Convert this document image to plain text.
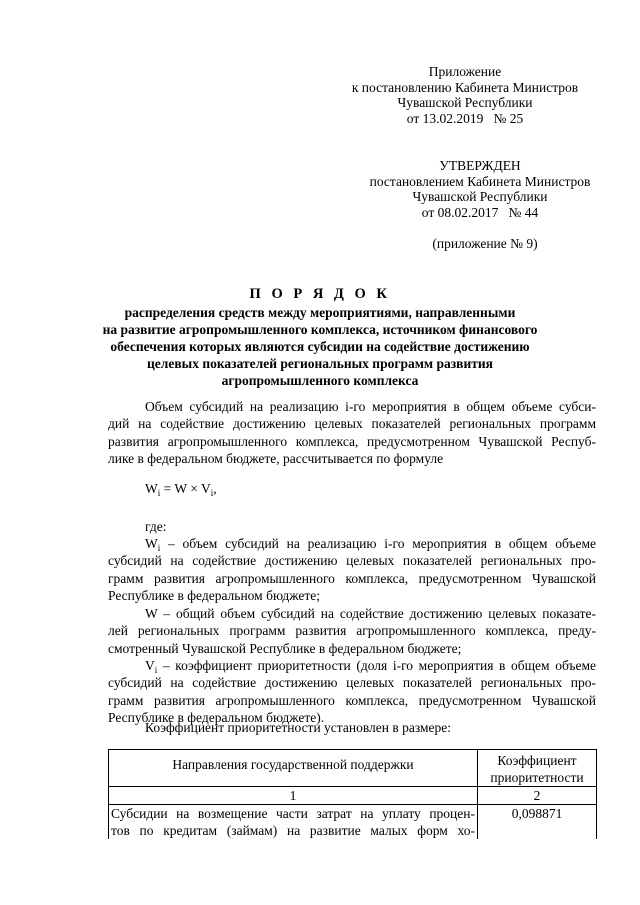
Приложение
к постановлению Кабинета Министров
Чувашской Республики
от 13.02.2019   № 25
УТВЕРЖДЕН
постановлением Кабинета Министров
Чувашской Республики
от 08.02.2017   № 44
(приложение № 9)
П О Р Я Д О К
распределения средств между мероприятиями, направленными
на развитие агропромышленного комплекса, источником финансового
обеспечения которых являются субсидии на содействие достижению
целевых показателей региональных программ развития
агропромышленного комплекса
Объем субсидий на реализацию i-го мероприятия в общем объеме субси-
дий на содействие достижению целевых показателей региональных программ
развития агропромышленного комплекса, предусмотренном Чувашской Респуб-
лике в федеральном бюджете, рассчитывается по формуле
$W_i = W \times V_i$,
где:
$W_i$ – объем субсидий на реализацию i-го мероприятия в общем объеме
субсидий на содействие достижению целевых показателей региональных про-
грамм развития агропромышленного комплекса, предусмотренном Чувашской
Республике в федеральном бюджете;
W – общий объем субсидий на содействие достижению целевых показате-
лей региональных программ развития агропромышленного комплекса, преду-
смотренный Чувашской Республике в федеральном бюджете;
$V_i$ – коэффициент приоритетности (доля i-го мероприятия в общем объеме
субсидий на содействие достижению целевых показателей региональных про-
грамм развития агропромышленного комплекса, предусмотренном Чувашской
Республике в федеральном бюджете).
Коэффициент приоритетности установлен в размере:
Направления государственной поддержки	Коэффициент
приоритетности

1	2

Субсидии на возмещение части затрат на уплату процен-
тов по кредитам (займам) на развитие малых форм хо-	0,098871
